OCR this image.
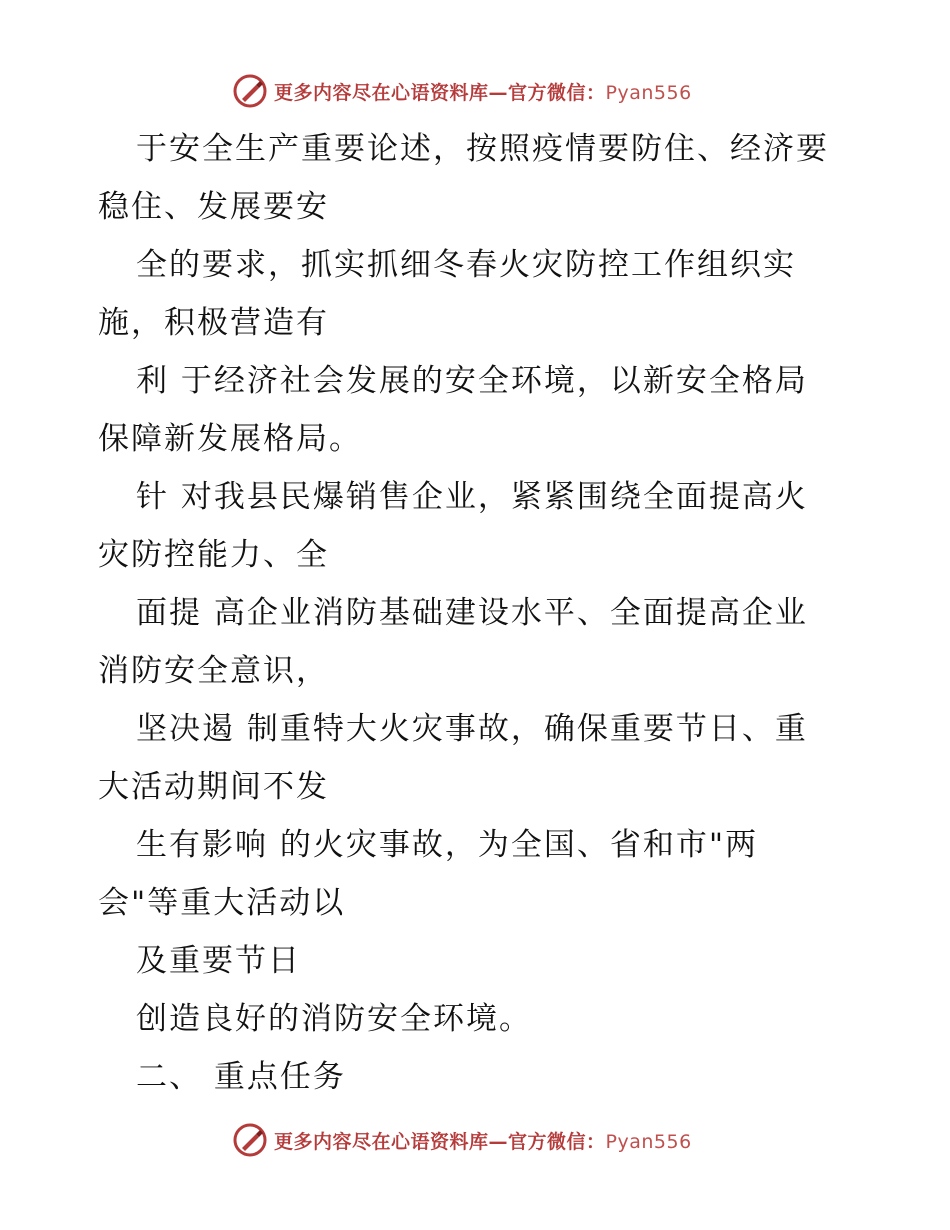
更多内容尽在心语资料库—官方微信：Pyan556
于安全生产重要论述，按照疫情要防住、经济要
稳住、发展要安
全的要求，抓实抓细冬春火灾防控工作组织实
施，积极营造有
利 于经济社会发展的安全环境，以新安全格局
保障新发展格局。
针 对我县民爆销售企业，紧紧围绕全面提高火
灾防控能力、全
面提 高企业消防基础建设水平、全面提高企业
消防安全意识，
坚决遏 制重特大火灾事故，确保重要节日、重
大活动期间不发
生有影响 的火灾事故，为全国、省和市"两
会"等重大活动以
及重要节日
创造良好的消防安全环境。
二、 重点任务
更多内容尽在心语资料库—官方微信：Pyan556
